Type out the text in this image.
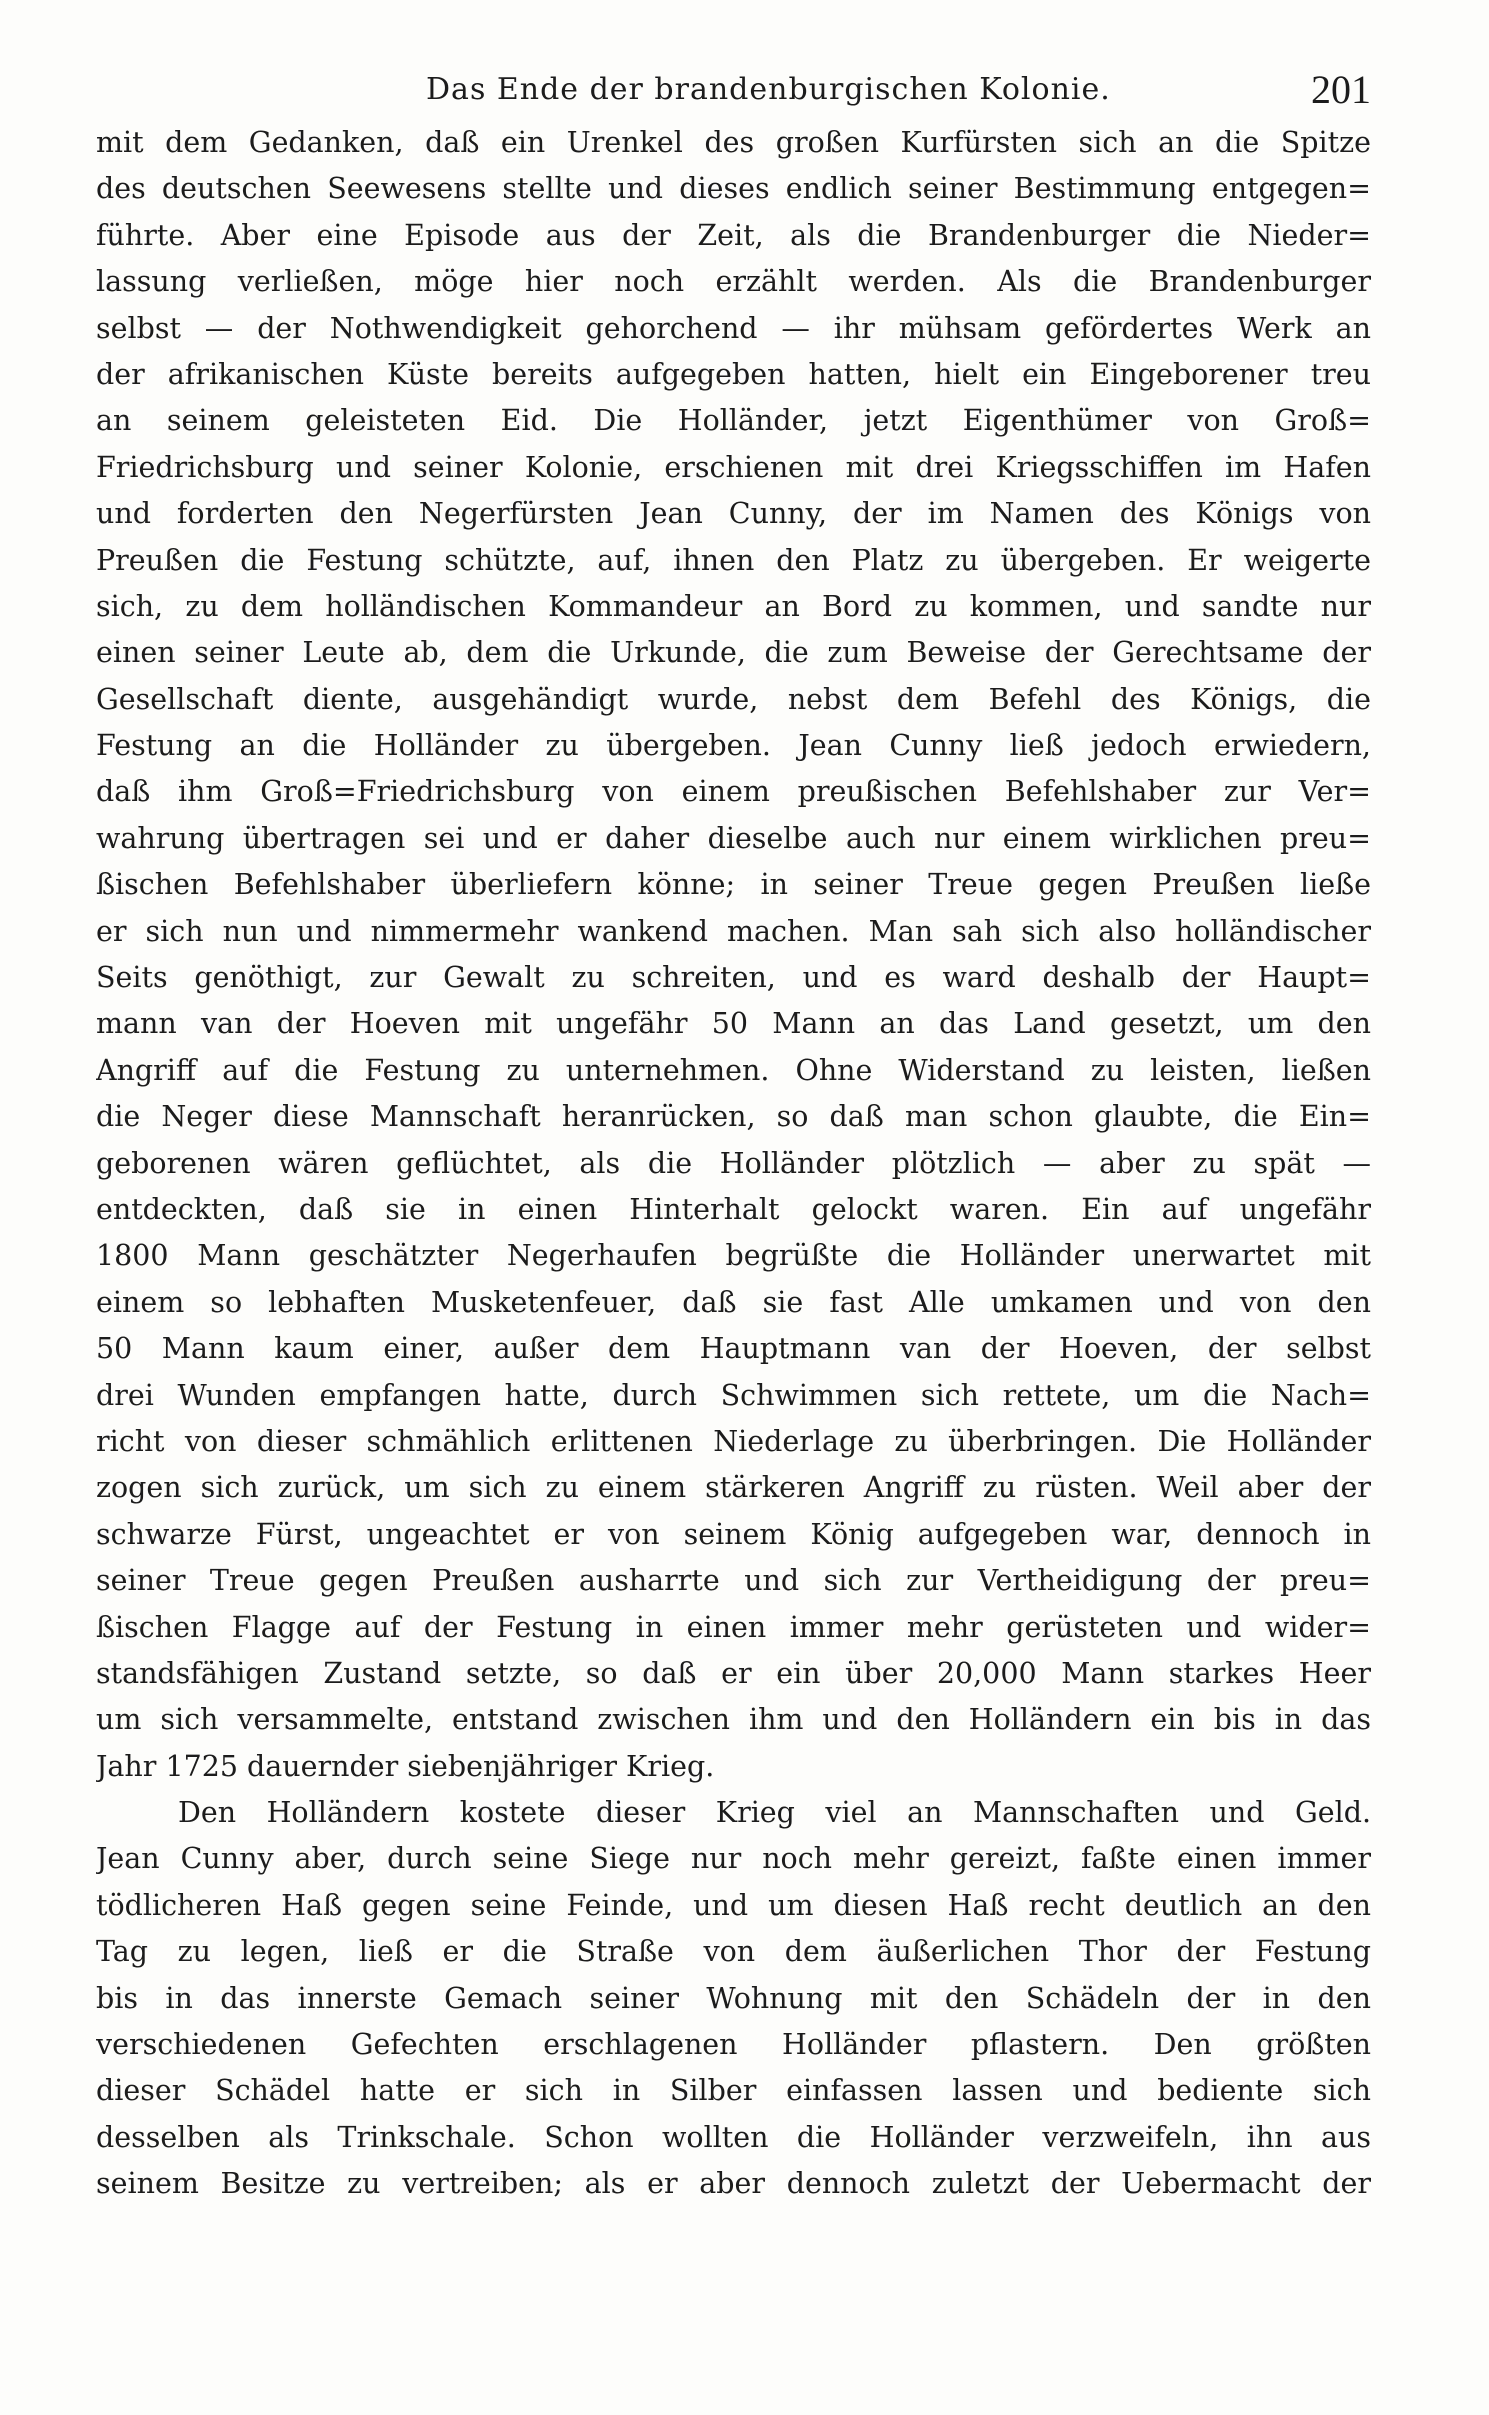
Das Ende der brandenburgischen Kolonie.	201
mit dem Gedanken, daß ein Urenkel des großen Kurfürsten sich an die Spitze
des deutschen Seewesens stellte und dieses endlich seiner Bestimmung entgegen=
führte. Aber eine Episode aus der Zeit, als die Brandenburger die Nieder=
lassung verließen, möge hier noch erzählt werden. Als die Brandenburger
selbst — der Nothwendigkeit gehorchend — ihr mühsam gefördertes Werk an
der afrikanischen Küste bereits aufgegeben hatten, hielt ein Eingeborener treu
an seinem geleisteten Eid. Die Holländer, jetzt Eigenthümer von Groß=
Friedrichsburg und seiner Kolonie, erschienen mit drei Kriegsschiffen im Hafen
und forderten den Negerfürsten Jean Cunny, der im Namen des Königs von
Preußen die Festung schützte, auf, ihnen den Platz zu übergeben. Er weigerte
sich, zu dem holländischen Kommandeur an Bord zu kommen, und sandte nur
einen seiner Leute ab, dem die Urkunde, die zum Beweise der Gerechtsame der
Gesellschaft diente, ausgehändigt wurde, nebst dem Befehl des Königs, die
Festung an die Holländer zu übergeben. Jean Cunny ließ jedoch erwiedern,
daß ihm Groß=Friedrichsburg von einem preußischen Befehlshaber zur Ver=
wahrung übertragen sei und er daher dieselbe auch nur einem wirklichen preu=
ßischen Befehlshaber überliefern könne; in seiner Treue gegen Preußen ließe
er sich nun und nimmermehr wankend machen. Man sah sich also holländischer
Seits genöthigt, zur Gewalt zu schreiten, und es ward deshalb der Haupt=
mann van der Hoeven mit ungefähr 50 Mann an das Land gesetzt, um den
Angriff auf die Festung zu unternehmen. Ohne Widerstand zu leisten, ließen
die Neger diese Mannschaft heranrücken, so daß man schon glaubte, die Ein=
geborenen wären geflüchtet, als die Holländer plötzlich — aber zu spät —
entdeckten, daß sie in einen Hinterhalt gelockt waren. Ein auf ungefähr
1800 Mann geschätzter Negerhaufen begrüßte die Holländer unerwartet mit
einem so lebhaften Musketenfeuer, daß sie fast Alle umkamen und von den
50 Mann kaum einer, außer dem Hauptmann van der Hoeven, der selbst
drei Wunden empfangen hatte, durch Schwimmen sich rettete, um die Nach=
richt von dieser schmählich erlittenen Niederlage zu überbringen. Die Holländer
zogen sich zurück, um sich zu einem stärkeren Angriff zu rüsten. Weil aber der
schwarze Fürst, ungeachtet er von seinem König aufgegeben war, dennoch in
seiner Treue gegen Preußen ausharrte und sich zur Vertheidigung der preu=
ßischen Flagge auf der Festung in einen immer mehr gerüsteten und wider=
standsfähigen Zustand setzte, so daß er ein über 20,000 Mann starkes Heer
um sich versammelte, entstand zwischen ihm und den Holländern ein bis in das
Jahr 1725 dauernder siebenjähriger Krieg.
Den Holländern kostete dieser Krieg viel an Mannschaften und Geld.
Jean Cunny aber, durch seine Siege nur noch mehr gereizt, faßte einen immer
tödlicheren Haß gegen seine Feinde, und um diesen Haß recht deutlich an den
Tag zu legen, ließ er die Straße von dem äußerlichen Thor der Festung
bis in das innerste Gemach seiner Wohnung mit den Schädeln der in den
verschiedenen Gefechten erschlagenen Holländer pflastern. Den größten
dieser Schädel hatte er sich in Silber einfassen lassen und bediente sich
desselben als Trinkschale. Schon wollten die Holländer verzweifeln, ihn aus
seinem Besitze zu vertreiben; als er aber dennoch zuletzt der Uebermacht der
